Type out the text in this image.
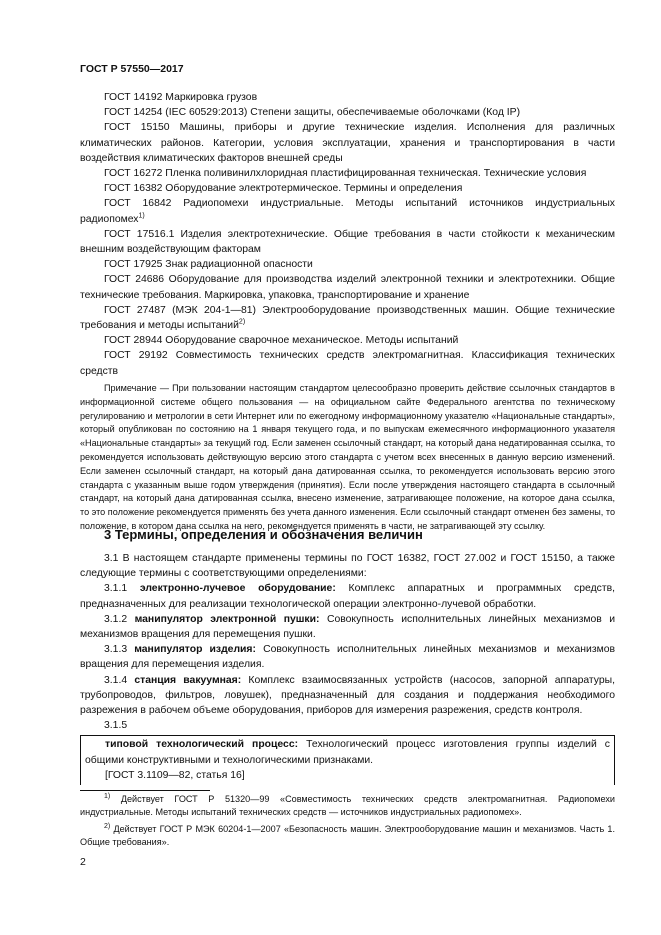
ГОСТ Р 57550—2017

ГОСТ 14192 Маркировка грузов

ГОСТ 14254 (IEC 60529:2013) Степени защиты, обеспечиваемые оболочками (Код IP)

ГОСТ 15150 Машины, приборы и другие технические изделия. Исполнения для различных климатических районов. Категории, условия эксплуатации, хранения и транспортирования в части воздействия климатических факторов внешней среды

ГОСТ 16272 Пленка поливинилхлоридная пластифицированная техническая. Технические условия

ГОСТ 16382 Оборудование электротермическое. Термины и определения

ГОСТ 16842 Радиопомехи индустриальные. Методы испытаний источников индустриальных радиопомех$^{1)}$

ГОСТ 17516.1 Изделия электротехнические. Общие требования в части стойкости к механическим внешним воздействующим факторам

ГОСТ 17925 Знак радиационной опасности

ГОСТ 24686 Оборудование для производства изделий электронной техники и электротехники. Общие технические требования. Маркировка, упаковка, транспортирование и хранение

ГОСТ 27487 (МЭК 204-1—81) Электрооборудование производственных машин. Общие технические требования и методы испытаний$^{2)}$

ГОСТ 28944 Оборудование сварочное механическое. Методы испытаний

ГОСТ 29192 Совместимость технических средств электромагнитная. Классификация технических средств

Примечание — При пользовании настоящим стандартом целесообразно проверить действие ссылочных стандартов в информационной системе общего пользования — на официальном сайте Федерального агентства по техническому регулированию и метрологии в сети Интернет или по ежегодному информационному указателю «Национальные стандарты», который опубликован по состоянию на 1 января текущего года, и по выпускам ежемесячного информационного указателя «Национальные стандарты» за текущий год. Если заменен ссылочный стандарт, на который дана недатированная ссылка, то рекомендуется использовать действующую версию этого стандарта с учетом всех внесенных в данную версию изменений. Если заменен ссылочный стандарт, на который дана датированная ссылка, то рекомендуется использовать версию этого стандарта с указанным выше годом утверждения (принятия). Если после утверждения настоящего стандарта в ссылочный стандарт, на который дана датированная ссылка, внесено изменение, затрагивающее положение, на которое дана ссылка, то это положение рекомендуется применять без учета данного изменения. Если ссылочный стандарт отменен без замены, то положение, в котором дана ссылка на него, рекомендуется применять в части, не затрагивающей эту ссылку.

3 Термины, определения и обозначения величин

3.1 В настоящем стандарте применены термины по ГОСТ 16382, ГОСТ 27.002 и ГОСТ 15150, а также следующие термины с соответствующими определениями:

3.1.1 электронно-лучевое оборудование: Комплекс аппаратных и программных средств, предназначенных для реализации технологической операции электронно-лучевой обработки.

3.1.2 манипулятор электронной пушки: Совокупность исполнительных линейных механизмов и механизмов вращения для перемещения пушки.

3.1.3 манипулятор изделия: Совокупность исполнительных линейных механизмов и механизмов вращения для перемещения изделия.

3.1.4 станция вакуумная: Комплекс взаимосвязанных устройств (насосов, запорной аппаратуры, трубопроводов, фильтров, ловушек), предназначенный для создания и поддержания необходимого разрежения в рабочем объеме оборудования, приборов для измерения разрежения, средств контроля.

3.1.5

типовой технологический процесс: Технологический процесс изготовления группы изделий с общими конструктивными и технологическими признаками.

[ГОСТ 3.1109—82, статья 16]

$^{1)}$ Действует ГОСТ Р 51320—99 «Совместимость технических средств электромагнитная. Радиопомехи индустриальные. Методы испытаний технических средств — источников индустриальных радиопомех».

$^{2)}$ Действует ГОСТ Р МЭК 60204-1—2007 «Безопасность машин. Электрооборудование машин и механизмов. Часть 1. Общие требования».

2
